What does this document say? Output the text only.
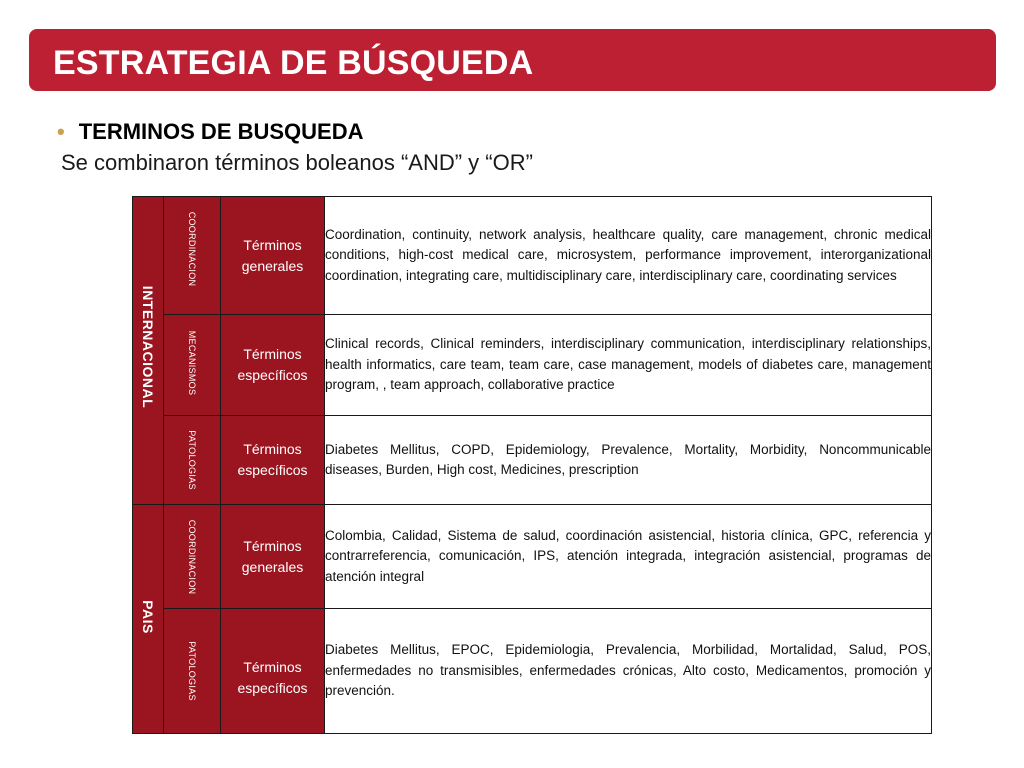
ESTRATEGIA DE BÚSQUEDA
• TERMINOS DE BUSQUEDA
Se combinaron términos boleanos “AND” y “OR”
INTERNACIONAL	COORDINACION	Términos generales	Coordination, continuity, network analysis, healthcare quality, care management, chronic medical conditions, high-cost medical care, microsystem, performance improvement, interorganizational coordination, integrating care, multidisciplinary care, interdisciplinary care, coordinating services

	MECANISMOS	Términos específicos	Clinical records, Clinical reminders, interdisciplinary communication, interdisciplinary relationships, health informatics, care team, team care, case management, models of diabetes care, management program, , team approach, collaborative practice

	PATOLOGIAS	Términos específicos	Diabetes Mellitus, COPD, Epidemiology, Prevalence, Mortality, Morbidity, Noncommunicable diseases, Burden, High cost, Medicines, prescription

PAIS	COORDINACION	Términos generales	Colombia, Calidad, Sistema de salud, coordinación asistencial, historia clínica, GPC, referencia y contrarreferencia, comunicación, IPS, atención integrada, integración asistencial, programas de atención integral

	PATOLOGIAS	Términos específicos	Diabetes Mellitus, EPOC, Epidemiologia, Prevalencia, Morbilidad, Mortalidad, Salud, POS, enfermedades no transmisibles, enfermedades crónicas, Alto costo, Medicamentos, promoción y prevención.
